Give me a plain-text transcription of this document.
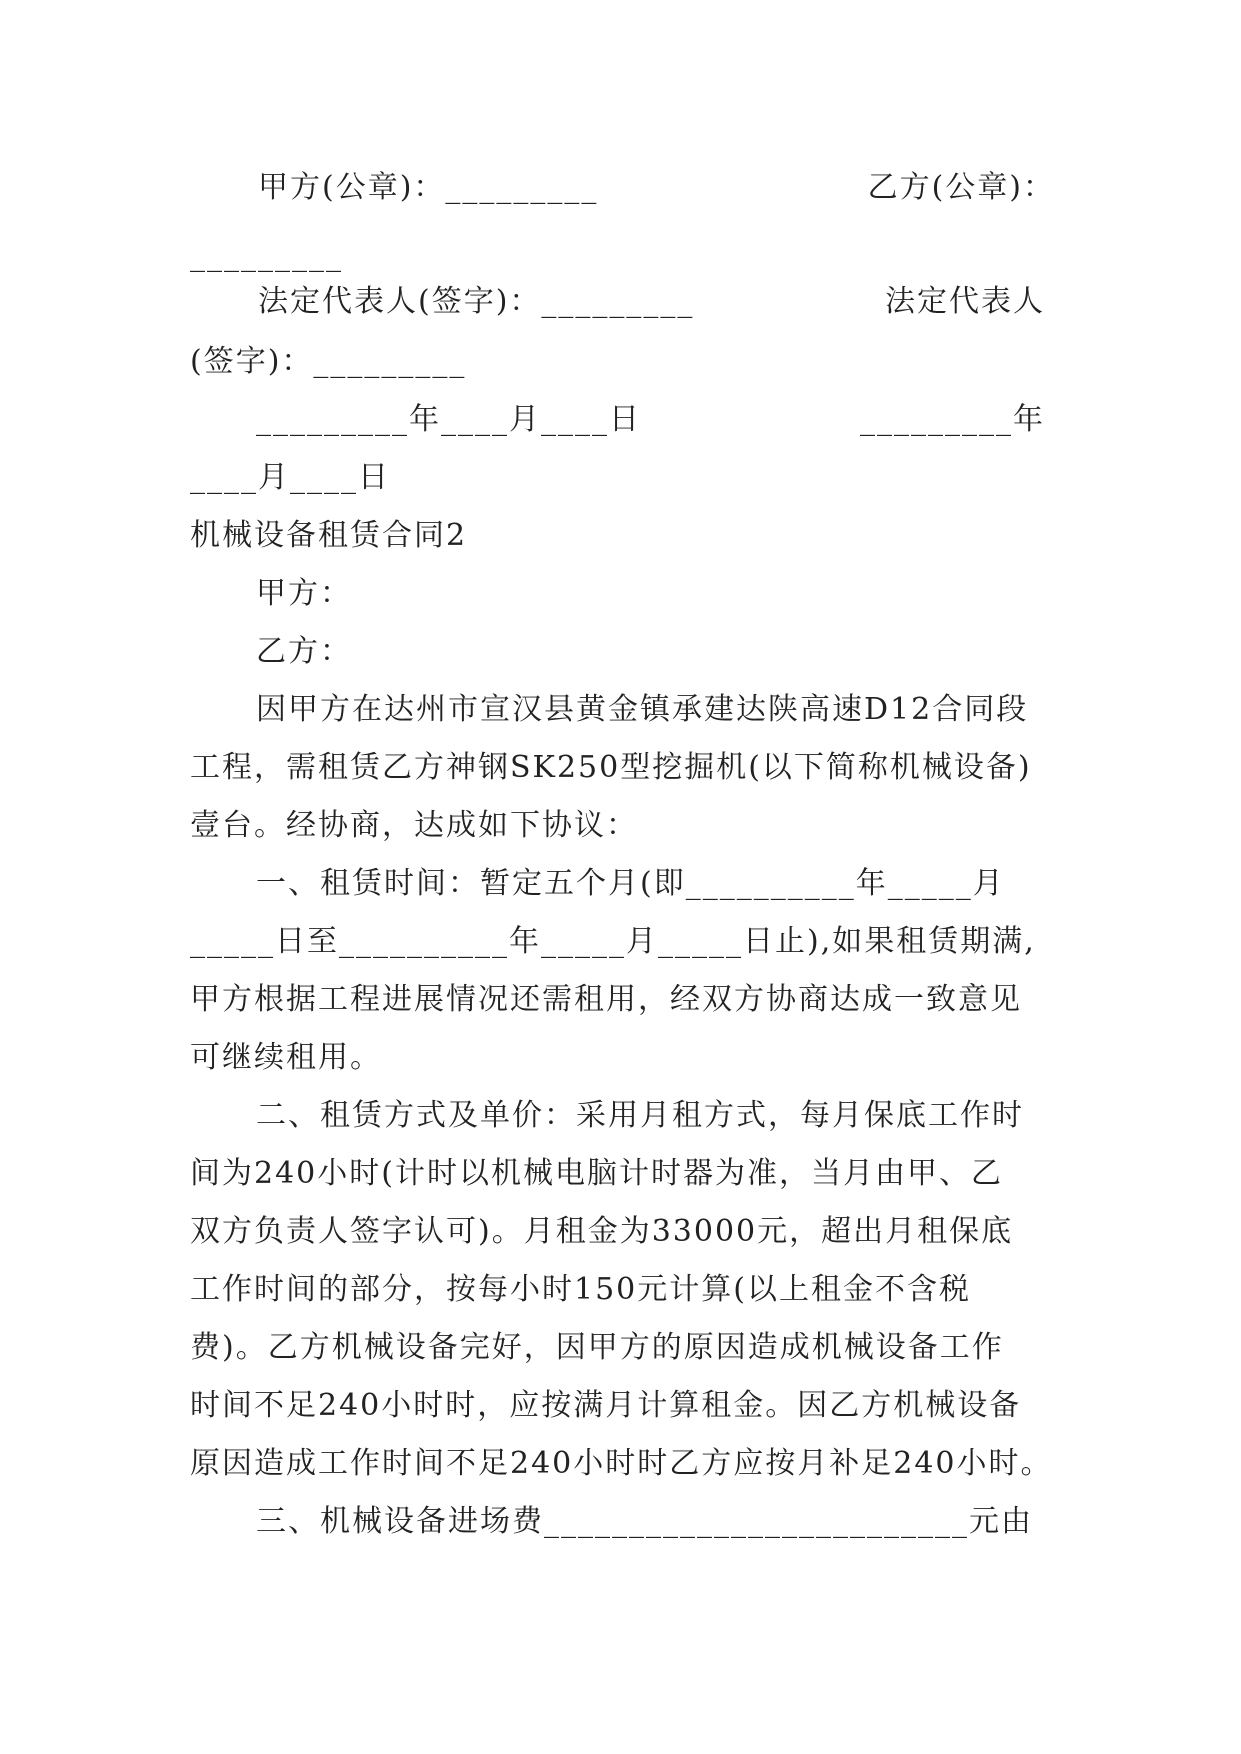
甲方(公章)：_________	乙方(公章)：
_________
法定代表人(签字)：_________	法定代表人
(签字)：_________
_________年____月____日	_________年
____月____日
机械设备租赁合同2
甲方：
乙方：
因甲方在达州市宣汉县黄金镇承建达陕高速D12合同段
工程，需租赁乙方神钢SK250型挖掘机(以下简称机械设备)
壹台。经协商，达成如下协议：
一、租赁时间：暂定五个月(即__________年_____月
_____日至__________年_____月_____日止),如果租赁期满,
甲方根据工程进展情况还需租用，经双方协商达成一致意见
可继续租用。
二、租赁方式及单价：采用月租方式，每月保底工作时
间为240小时(计时以机械电脑计时器为准，当月由甲、乙
双方负责人签字认可)。月租金为33000元，超出月租保底
工作时间的部分，按每小时150元计算(以上租金不含税
费)。乙方机械设备完好，因甲方的原因造成机械设备工作
时间不足240小时时，应按满月计算租金。因乙方机械设备
原因造成工作时间不足240小时时乙方应按月补足240小时。
三、机械设备进场费_________________________元由
